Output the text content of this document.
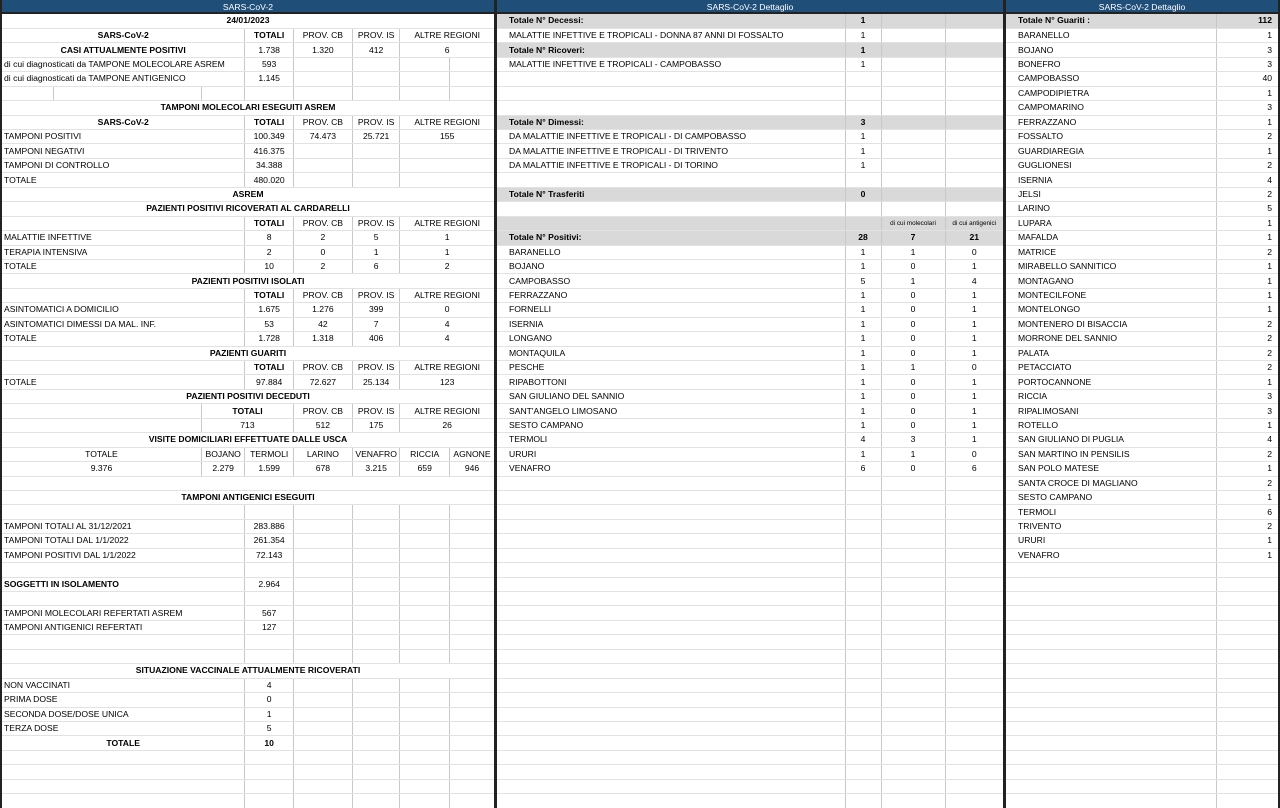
SARS-CoV-2
24/01/2023							
SARS-CoV-2			TOTALI	PROV. CB	PROV. IS	ALTRE REGIONI	
CASI ATTUALMENTE POSITIVI			1.738	1.320	412	6	
di cui diagnosticati da TAMPONE MOLECOLARE ASREM			593				
di cui diagnosticati da TAMPONE ANTIGENICO			1.145				

TAMPONI MOLECOLARI ESEGUITI ASREM							
SARS-CoV-2			TOTALI	PROV. CB	PROV. IS	ALTRE REGIONI	
TAMPONI POSITIVI			100.349	74.473	25.721	155	
TAMPONI NEGATIVI			416.375				
TAMPONI DI CONTROLLO			34.388				
TOTALE			480.020				
ASREM							
PAZIENTI POSITIVI RICOVERATI AL CARDARELLI							
			TOTALI	PROV. CB	PROV. IS	ALTRE REGIONI	
MALATTIE INFETTIVE			8	2	5	1	
TERAPIA INTENSIVA			2	0	1	1	
TOTALE			10	2	6	2	
PAZIENTI POSITIVI ISOLATI							
			TOTALI	PROV. CB	PROV. IS	ALTRE REGIONI	
ASINTOMATICI A DOMICILIO			1.675	1.276	399	0	
ASINTOMATICI DIMESSI DA MAL. INF.			53	42	7	4	
TOTALE			1.728	1.318	406	4	
PAZIENTI GUARITI							
			TOTALI	PROV. CB	PROV. IS	ALTRE REGIONI	
TOTALE			97.884	72.627	25.134	123	
PAZIENTI POSITIVI DECEDUTI							
		TOTALI		PROV. CB	PROV. IS	ALTRE REGIONI	
		713		512	175	26	
VISITE DOMICILIARI EFFETTUATE DALLE USCA							
TOTALE		BOJANO	TERMOLI	LARINO	VENAFRO	RICCIA	AGNONE
9.376		2.279	1.599	678	3.215	659	946

TAMPONI ANTIGENICI ESEGUITI							

TAMPONI TOTALI AL 31/12/2021			283.886				
TAMPONI TOTALI DAL 1/1/2022			261.354				
TAMPONI POSITIVI DAL 1/1/2022			72.143				

SOGGETTI IN ISOLAMENTO			2.964				

TAMPONI MOLECOLARI REFERTATI ASREM			567				
TAMPONI ANTIGENICI REFERTATI			127				

SITUAZIONE VACCINALE ATTUALMENTE RICOVERATI							
NON VACCINATI			4				
PRIMA DOSE			0				
SECONDA DOSE/DOSE UNICA			1				
TERZA DOSE			5				
TOTALE			10				

SARS-CoV-2 Dettaglio
Totale N° Decessi:	1		
MALATTIE INFETTIVE E TROPICALI - DONNA 87 ANNI DI FOSSALTO	1		
Totale N° Ricoveri:	1		
MALATTIE INFETTIVE E TROPICALI - CAMPOBASSO	1		

Totale N° Dimessi:	3		
DA MALATTIE INFETTIVE E TROPICALI - DI CAMPOBASSO	1		
DA MALATTIE INFETTIVE E TROPICALI - DI TRIVENTO	1		
DA MALATTIE INFETTIVE E TROPICALI - DI TORINO	1		

Totale N° Trasferiti	0		

		di cui molecolari	di cui antigenici
Totale N° Positivi:	28	7	21
BARANELLO	1	1	0
BOJANO	1	0	1
CAMPOBASSO	5	1	4
FERRAZZANO	1	0	1
FORNELLI	1	0	1
ISERNIA	1	0	1
LONGANO	1	0	1
MONTAQUILA	1	0	1
PESCHE	1	1	0
RIPABOTTONI	1	0	1
SAN GIULIANO DEL SANNIO	1	0	1
SANT'ANGELO LIMOSANO	1	0	1
SESTO CAMPANO	1	0	1
TERMOLI	4	3	1
URURI	1	1	0
VENAFRO	6	0	6

SARS-CoV-2 Dettaglio
Totale N° Guariti :	112
BARANELLO	1
BOJANO	3
BONEFRO	3
CAMPOBASSO	40
CAMPODIPIETRA	1
CAMPOMARINO	3
FERRAZZANO	1
FOSSALTO	2
GUARDIAREGIA	1
GUGLIONESI	2
ISERNIA	4
JELSI	2
LARINO	5
LUPARA	1
MAFALDA	1
MATRICE	2
MIRABELLO SANNITICO	1
MONTAGANO	1
MONTECILFONE	1
MONTELONGO	1
MONTENERO DI BISACCIA	2
MORRONE DEL SANNIO	2
PALATA	2
PETACCIATO	2
PORTOCANNONE	1
RICCIA	3
RIPALIMOSANI	3
ROTELLO	1
SAN GIULIANO DI PUGLIA	4
SAN MARTINO IN PENSILIS	2
SAN POLO MATESE	1
SANTA CROCE DI MAGLIANO	2
SESTO CAMPANO	1
TERMOLI	6
TRIVENTO	2
URURI	1
VENAFRO	1
